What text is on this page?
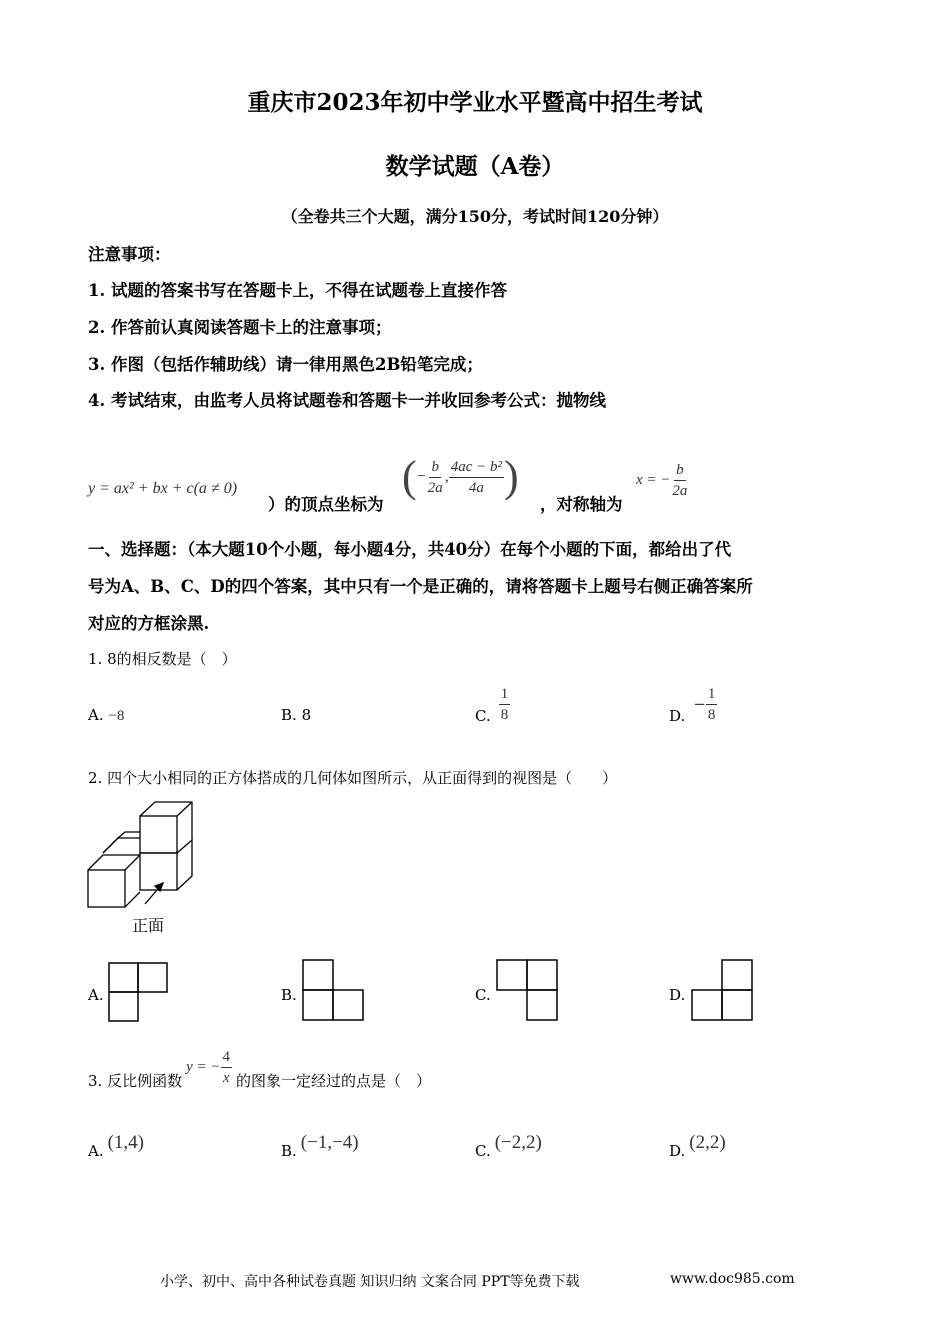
重庆市2023年初中学业水平暨高中招生考试
数学试题（A卷）
（全卷共三个大题，满分150分，考试时间120分钟）
注意事项：
1. 试题的答案书写在答题卡上，不得在试题卷上直接作答
2. 作答前认真阅读答题卡上的注意事项；
3. 作图（包括作辅助线）请一律用黑色2B铅笔完成；
4. 考试结束，由监考人员将试题卷和答题卡一并收回参考公式：抛物线
y = ax² + bx + c(a ≠ 0)
）的顶点坐标为
( − $\frac{b}{2a}$ , $\frac{\text{4ac − b²}}{4a}$ )
，对称轴为
x = − $\frac{b}{2a}$
一、选择题：（本大题10个小题，每小题4分，共40分）在每个小题的下面，都给出了代
号为A、B、C、D的四个答案，其中只有一个是正确的，请将答题卡上题号右侧正确答案所
对应的方框涂黑.
1. 8的相反数是（　）
A. −8	B. 8	C. $\frac{1}{8}$	D.
− $\frac{1}{8}$
2. 四个大小相同的正方体搭成的几何体如图所示，从正面得到的视图是（　　）
正面
A.	B.	C.	D.
3. 反比例函数
y = − $\frac{4}{x}$ 的图象一定经过的点是（　）
A. (1,4)	B. (−1,−4)	C. (−2,2)	D. (2,2)
小学、初中、高中各种试卷真题 知识归纳 文案合同 PPT等免费下载	www.doc985.com
